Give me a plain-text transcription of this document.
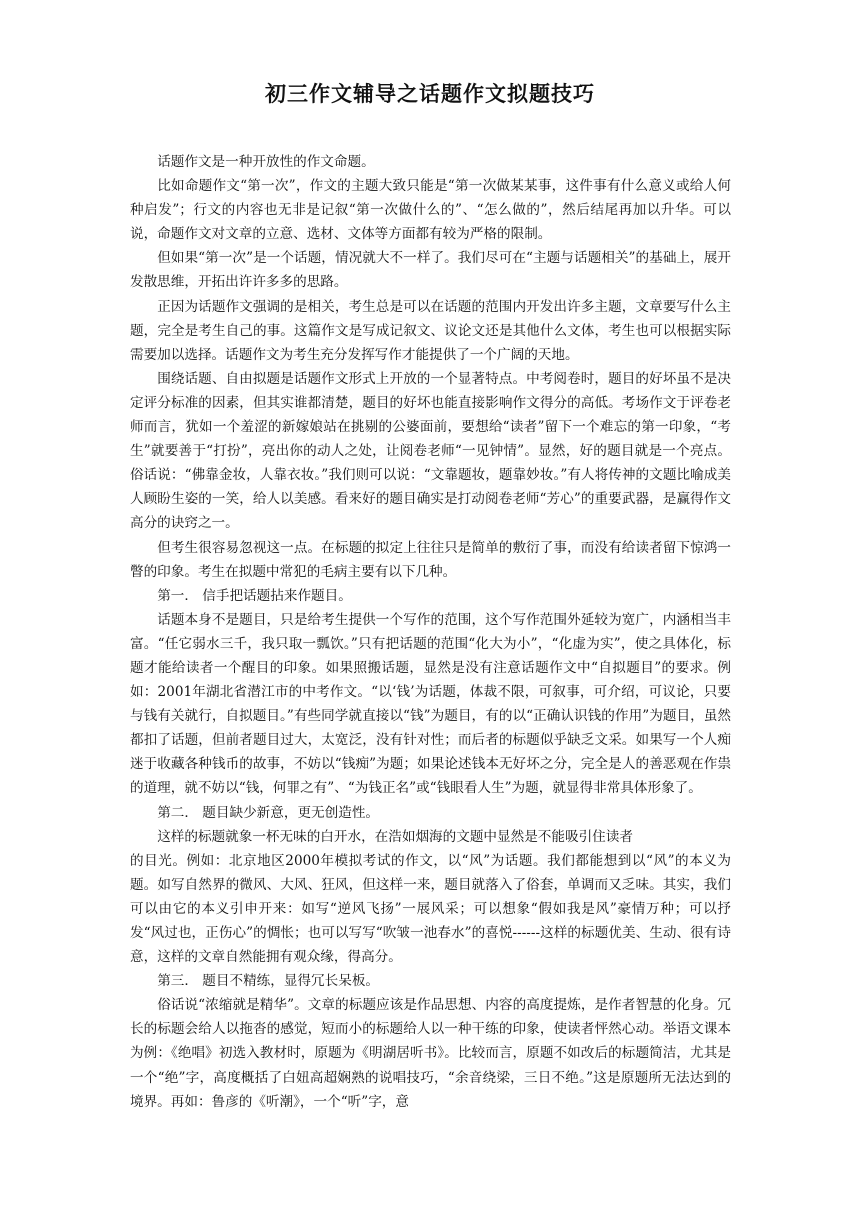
初三作文辅导之话题作文拟题技巧

话题作文是一种开放性的作文命题。

比如命题作文“第一次”，作文的主题大致只能是“第一次做某某事，这件事有什么意义或给人何种启发”；行文的内容也无非是记叙“第一次做什么的”、“怎么做的”，然后结尾再加以升华。可以说，命题作文对文章的立意、选材、文体等方面都有较为严格的限制。

但如果“第一次”是一个话题，情况就大不一样了。我们尽可在“主题与话题相关”的基础上，展开发散思维，开拓出许许多多的思路。

正因为话题作文强调的是相关，考生总是可以在话题的范围内开发出许多主题，文章要写什么主题，完全是考生自己的事。这篇作文是写成记叙文、议论文还是其他什么文体，考生也可以根据实际需要加以选择。话题作文为考生充分发挥写作才能提供了一个广阔的天地。

围绕话题、自由拟题是话题作文形式上开放的一个显著特点。中考阅卷时，题目的好坏虽不是决定评分标准的因素，但其实谁都清楚，题目的好坏也能直接影响作文得分的高低。考场作文于评卷老师而言，犹如一个羞涩的新嫁娘站在挑剔的公婆面前，要想给“读者”留下一个难忘的第一印象，“考生”就要善于“打扮”，亮出你的动人之处，让阅卷老师“一见钟情”。显然，好的题目就是一个亮点。俗话说：“佛靠金妆，人靠衣妆。”我们则可以说：“文靠题妆，题靠妙妆。”有人将传神的文题比喻成美人顾盼生姿的一笑，给人以美感。看来好的题目确实是打动阅卷老师“芳心”的重要武器，是赢得作文高分的诀窍之一。

但考生很容易忽视这一点。在标题的拟定上往往只是简单的敷衍了事，而没有给读者留下惊鸿一瞥的印象。考生在拟题中常犯的毛病主要有以下几种。

第一． 信手把话题拈来作题目。

话题本身不是题目，只是给考生提供一个写作的范围，这个写作范围外延较为宽广，内涵相当丰富。“任它弱水三千，我只取一瓢饮。”只有把话题的范围“化大为小”，“化虚为实”，使之具体化，标题才能给读者一个醒目的印象。如果照搬话题，显然是没有注意话题作文中“自拟题目”的要求。例如：2001年湖北省潜江市的中考作文。“以‘钱’为话题，体裁不限，可叙事，可介绍，可议论，只要与钱有关就行，自拟题目。”有些同学就直接以“钱”为题目，有的以“正确认识钱的作用”为题目，虽然都扣了话题，但前者题目过大，太宽泛，没有针对性；而后者的标题似乎缺乏文采。如果写一个人痴迷于收藏各种钱币的故事，不妨以“钱痴”为题；如果论述钱本无好坏之分，完全是人的善恶观在作祟的道理，就不妨以“钱，何罪之有”、“为钱正名”或“钱眼看人生”为题，就显得非常具体形象了。

第二． 题目缺少新意，更无创造性。

这样的标题就象一杯无味的白开水，在浩如烟海的文题中显然是不能吸引住读者

的目光。例如：北京地区2000年模拟考试的作文，以“风”为话题。我们都能想到以“风”的本义为题。如写自然界的微风、大风、狂风，但这样一来，题目就落入了俗套，单调而又乏味。其实，我们可以由它的本义引申开来：如写“逆风飞扬”一展风采；可以想象“假如我是风”豪情万种；可以抒发“风过也，正伤心”的惆怅；也可以写写“吹皱一池春水”的喜悦------这样的标题优美、生动、很有诗意，这样的文章自然能拥有观众缘，得高分。

第三． 题目不精练，显得冗长呆板。

俗话说“浓缩就是精华”。文章的标题应该是作品思想、内容的高度提炼，是作者智慧的化身。冗长的标题会给人以拖沓的感觉，短而小的标题给人以一种干练的印象，使读者怦然心动。举语文课本为例：《绝唱》初选入教材时，原题为《明湖居听书》。比较而言，原题不如改后的标题简洁，尤其是一个“绝”字，高度概括了白妞高超娴熟的说唱技巧，“余音绕梁，三日不绝。”这是原题所无法达到的境界。再如：鲁彦的《听潮》，一个“听”字，意
